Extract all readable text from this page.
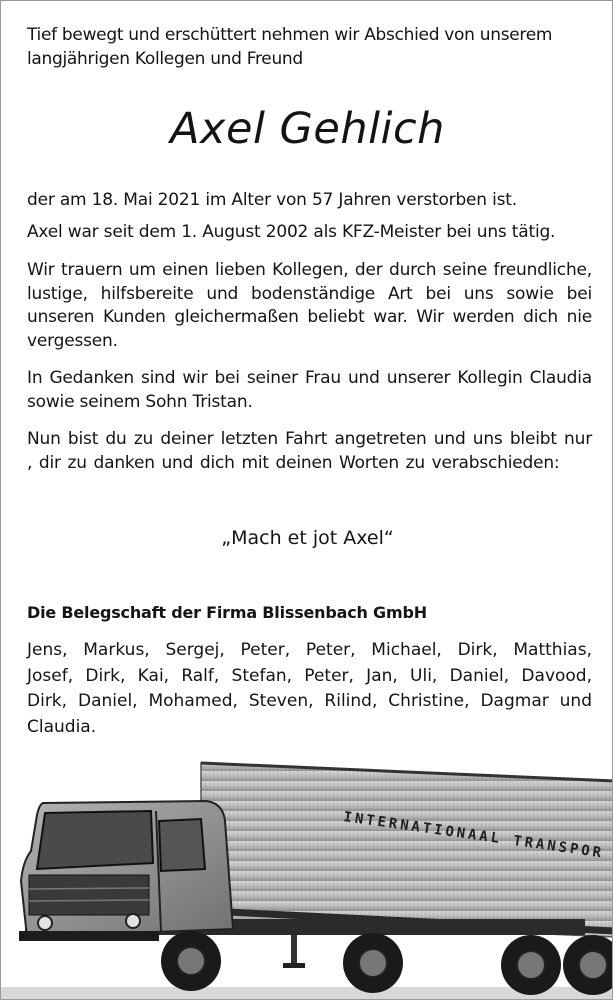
Tief bewegt und erschüttert nehmen wir Abschied von unserem
langjährigen Kollegen und Freund
Axel Gehlich

der am 18. Mai 2021 im Alter von 57 Jahren verstorben ist.

Axel war seit dem 1. August 2002 als KFZ-Meister bei uns tätig.

Wir trauern um einen lieben Kollegen, der durch seine freundliche, lustige, hilfsbereite und bodenständige Art bei uns sowie bei unseren Kunden gleichermaßen beliebt war. Wir werden dich nie vergessen.

In Gedanken sind wir bei seiner Frau und unserer Kollegin Claudia sowie seinem Sohn Tristan.

Nun bist du zu deiner letzten Fahrt angetreten und uns bleibt nur , dir zu danken und dich mit deinen Worten zu verabschieden:

„Mach et jot Axel“
Die Belegschaft der Firma Blissenbach GmbH

Jens, Markus, Sergej, Peter, Peter, Michael, Dirk, Matthias, Josef, Dirk, Kai, Ralf, Stefan, Peter, Jan, Uli, Daniel, Davood, Dirk, Daniel, Mohamed, Steven, Rilind, Christine, Dagmar und Claudia.

INTERNATIONAAL TRANSPOR
